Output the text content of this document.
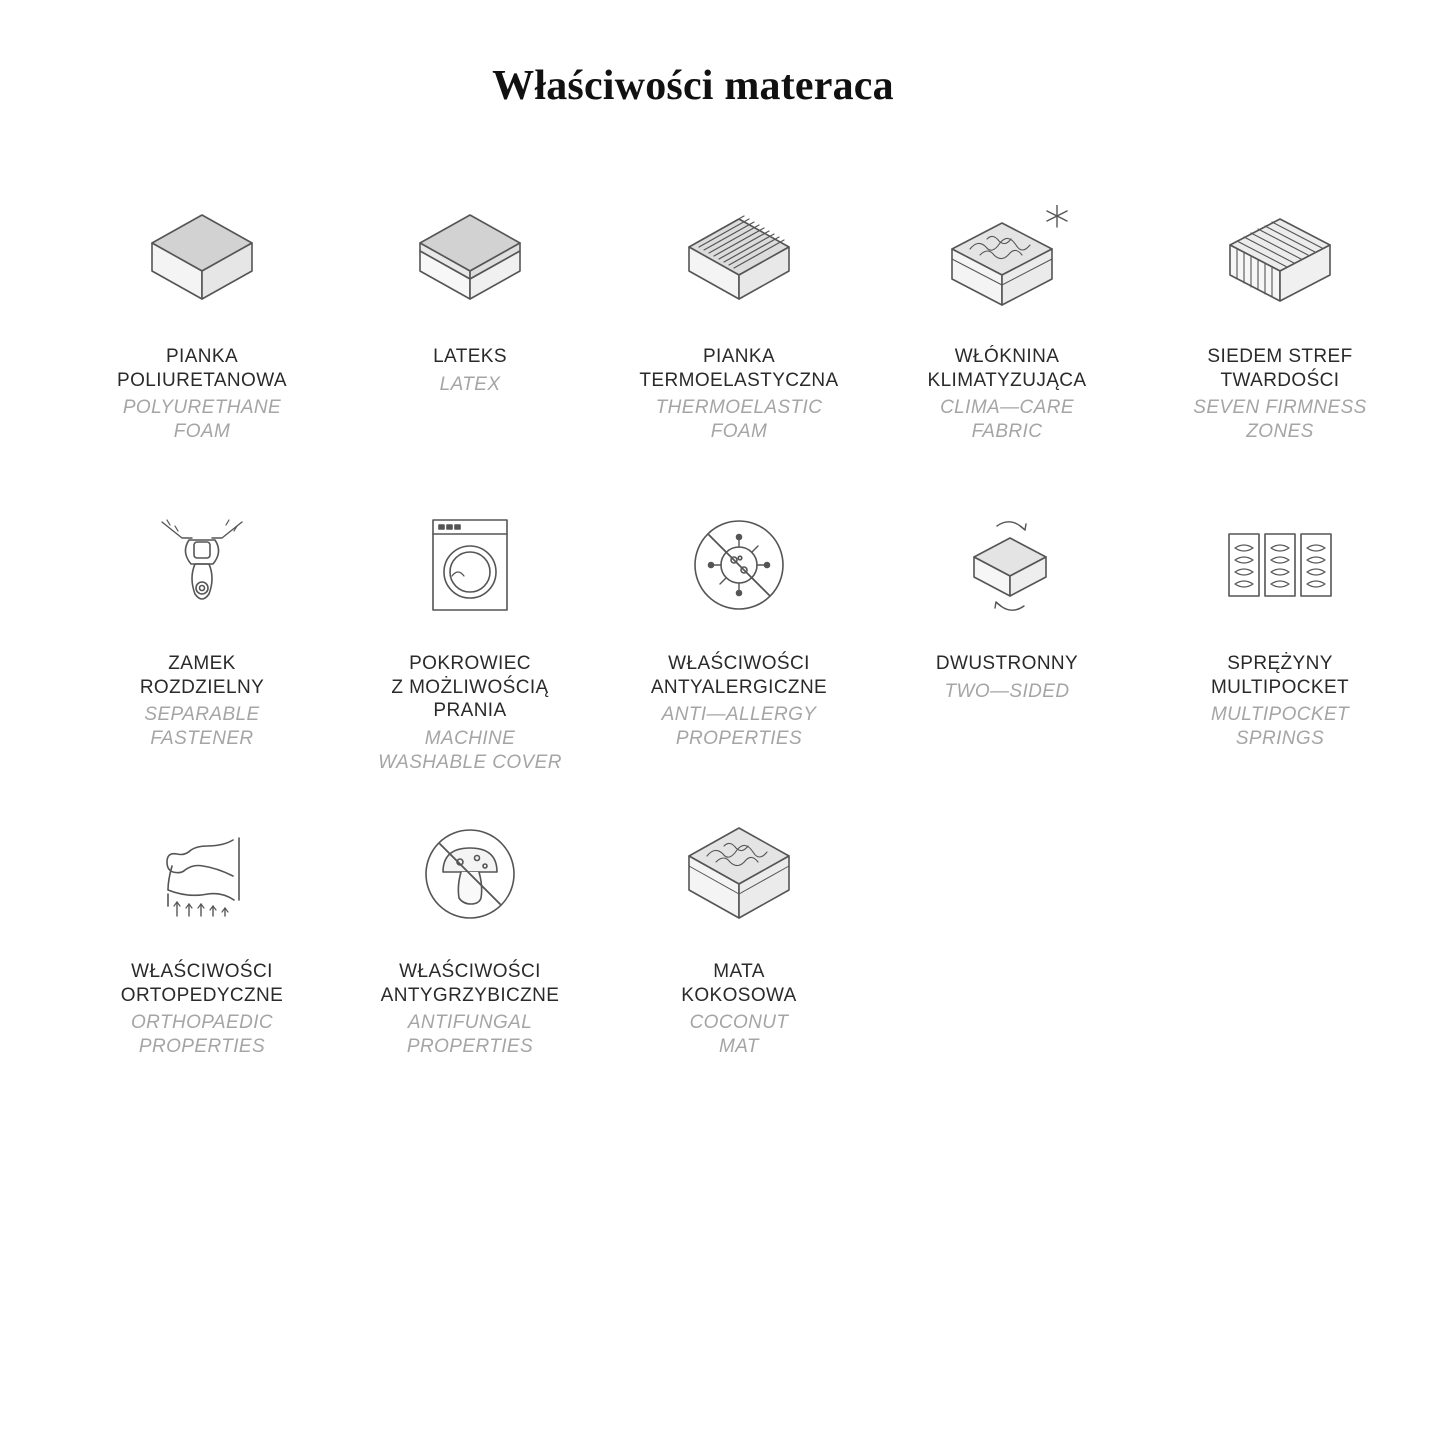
Właściwości materaca
PIANKA
POLIURETANOWA
POLYURETHANE
FOAM
LATEKS
LATEX
PIANKA
TERMOELASTYCZNA
THERMOELASTIC
FOAM
WŁÓKNINA
KLIMATYZUJĄCA
CLIMA—CARE
FABRIC
SIEDEM STREF
TWARDOŚCI
SEVEN FIRMNESS
ZONES
ZAMEK
ROZDZIELNY
SEPARABLE
FASTENER
POKROWIEC
Z MOŻLIWOŚCIĄ
PRANIA
MACHINE
WASHABLE COVER
WŁAŚCIWOŚCI
ANTYALERGICZNE
ANTI—ALLERGY
PROPERTIES
DWUSTRONNY
TWO—SIDED
SPRĘŻYNY
MULTIPOCKET
MULTIPOCKET
SPRINGS
WŁAŚCIWOŚCI
ORTOPEDYCZNE
ORTHOPAEDIC
PROPERTIES
WŁAŚCIWOŚCI
ANTYGRZYBICZNE
ANTIFUNGAL
PROPERTIES
MATA
KOKOSOWA
COCONUT
MAT
